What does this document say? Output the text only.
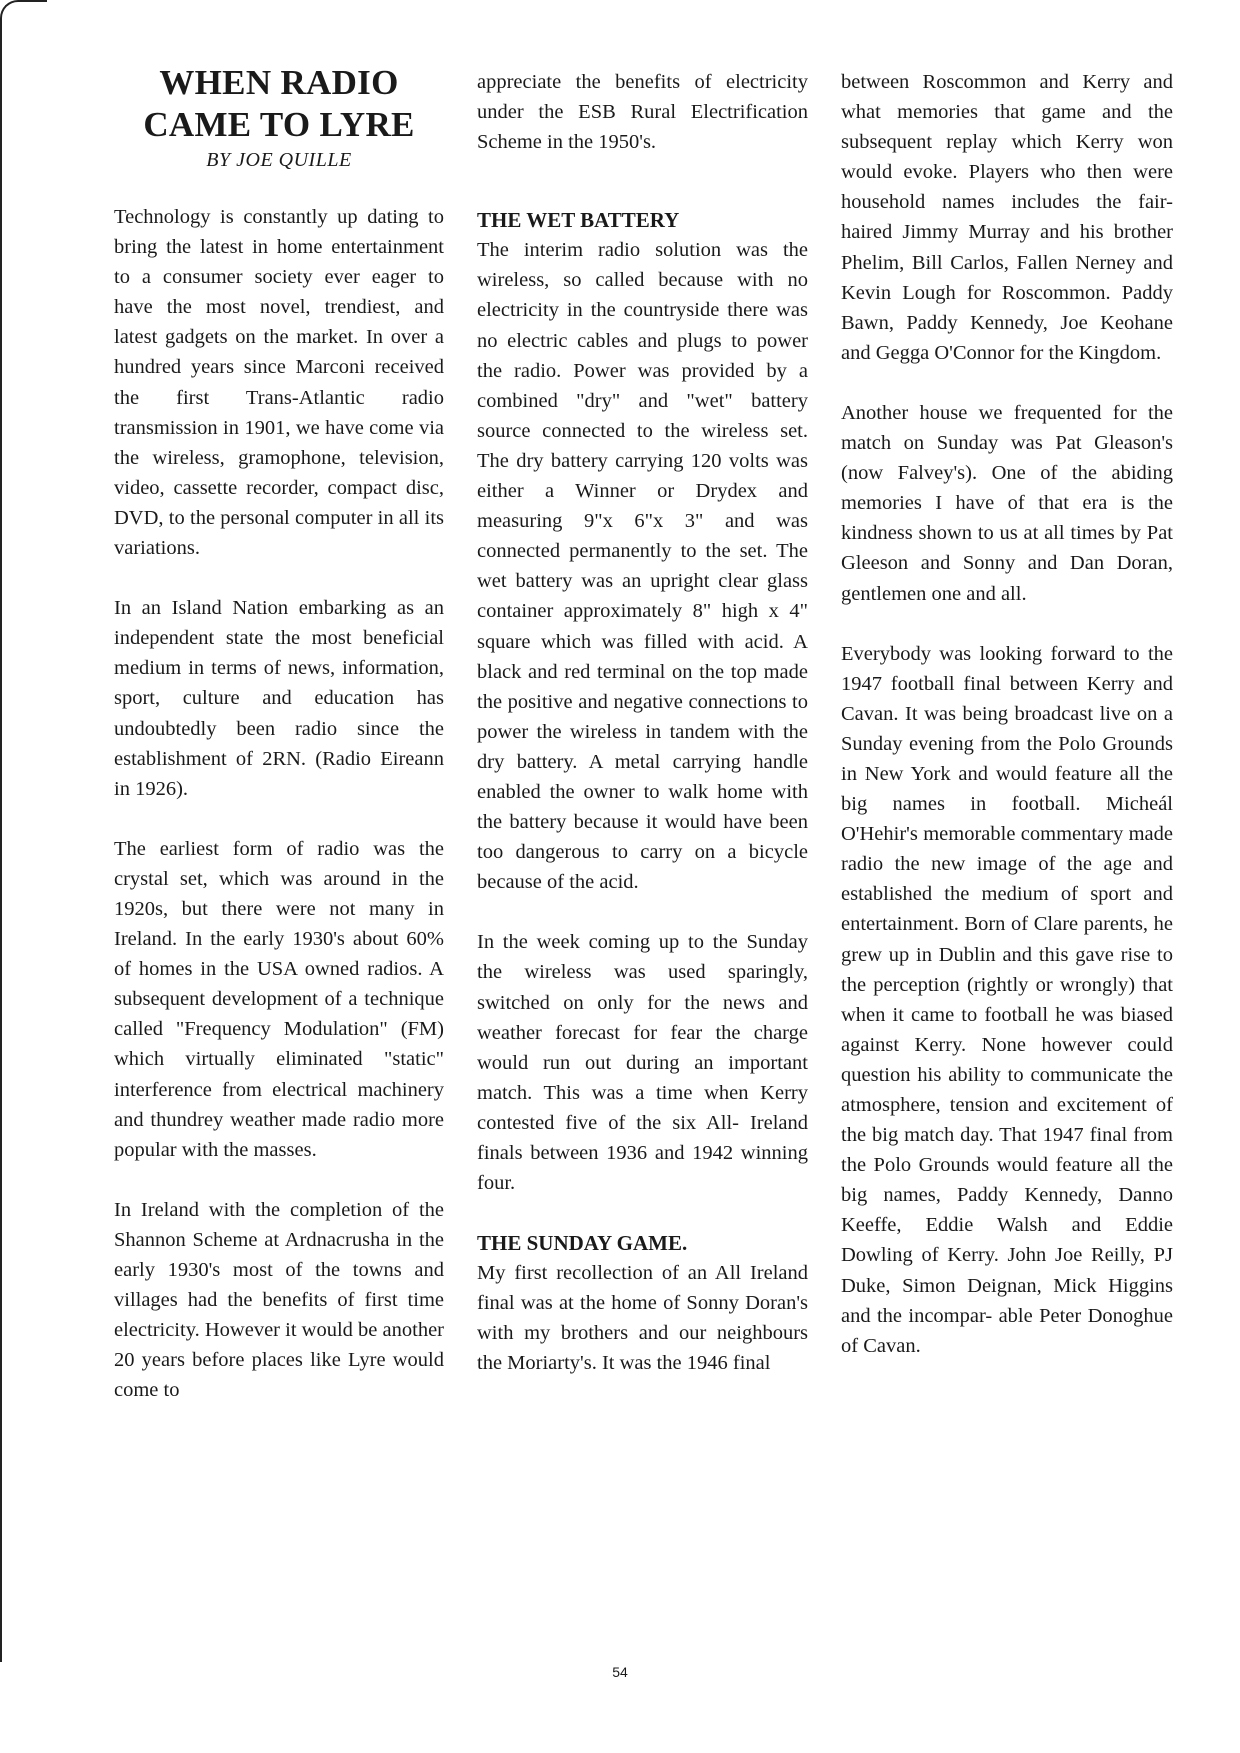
WHEN RADIO CAME TO LYRE
BY JOE QUILLE

Technology is constantly up dating to bring the latest in home entertainment to a consumer society ever eager to have the most novel, trendiest, and latest gadgets on the market. In over a hundred years since Marconi received the first Trans-Atlantic radio transmission in 1901, we have come via the wireless, gramophone, television, video, cassette recorder, compact disc, DVD, to the personal computer in all its variations.

In an Island Nation embarking as an independent state the most beneficial medium in terms of news, information, sport, culture and education has undoubtedly been radio since the establishment of 2RN. (Radio Eireann in 1926).

The earliest form of radio was the crystal set, which was around in the 1920s, but there were not many in Ireland. In the early 1930's about 60% of homes in the USA owned radios. A subsequent development of a technique called "Frequency Modulation" (FM) which virtually eliminated "static" interference from electrical machinery and thundrey weather made radio more popular with the masses.

In Ireland with the completion of the Shannon Scheme at Ardnacrusha in the early 1930's most of the towns and villages had the benefits of first time electricity. However it would be another 20 years before places like Lyre would come to

appreciate the benefits of electricity under the ESB Rural Electrification Scheme in the 1950's.

THE WET BATTERY

The interim radio solution was the wireless, so called because with no electricity in the countryside there was no electric cables and plugs to power the radio. Power was provided by a combined "dry" and "wet" battery source connected to the wireless set. The dry battery carrying 120 volts was either a Winner or Drydex and measuring 9"x 6"x 3" and was connected permanently to the set. The wet battery was an upright clear glass container approximately 8" high x 4" square which was filled with acid. A black and red terminal on the top made the positive and negative connections to power the wireless in tandem with the dry battery. A metal carrying handle enabled the owner to walk home with the battery because it would have been too dangerous to carry on a bicycle because of the acid.

In the week coming up to the Sunday the wireless was used sparingly, switched on only for the news and weather forecast for fear the charge would run out during an important match. This was a time when Kerry contested five of the six All- Ireland finals between 1936 and 1942 winning four.

THE SUNDAY GAME.

My first recollection of an All Ireland final was at the home of Sonny Doran's with my brothers and our neighbours the Moriarty's. It was the 1946 final

between Roscommon and Kerry and what memories that game and the subsequent replay which Kerry won would evoke. Players who then were household names includes the fair-haired Jimmy Murray and his brother Phelim, Bill Carlos, Fallen Nerney and Kevin Lough for Roscommon. Paddy Bawn, Paddy Kennedy, Joe Keohane and Gegga O'Connor for the Kingdom.

Another house we frequented for the match on Sunday was Pat Gleason's (now Falvey's). One of the abiding memories I have of that era is the kindness shown to us at all times by Pat Gleeson and Sonny and Dan Doran, gentlemen one and all.

Everybody was looking forward to the 1947 football final between Kerry and Cavan. It was being broadcast live on a Sunday evening from the Polo Grounds in New York and would feature all the big names in football. Micheál O'Hehir's memorable commentary made radio the new image of the age and established the medium of sport and entertainment. Born of Clare parents, he grew up in Dublin and this gave rise to the perception (rightly or wrongly) that when it came to football he was biased against Kerry. None however could question his ability to communicate the atmosphere, tension and excitement of the big match day. That 1947 final from the Polo Grounds would feature all the big names, Paddy Kennedy, Danno Keeffe, Eddie Walsh and Eddie Dowling of Kerry. John Joe Reilly, PJ Duke, Simon Deignan, Mick Higgins and the incompar- able Peter Donoghue of Cavan.

54
